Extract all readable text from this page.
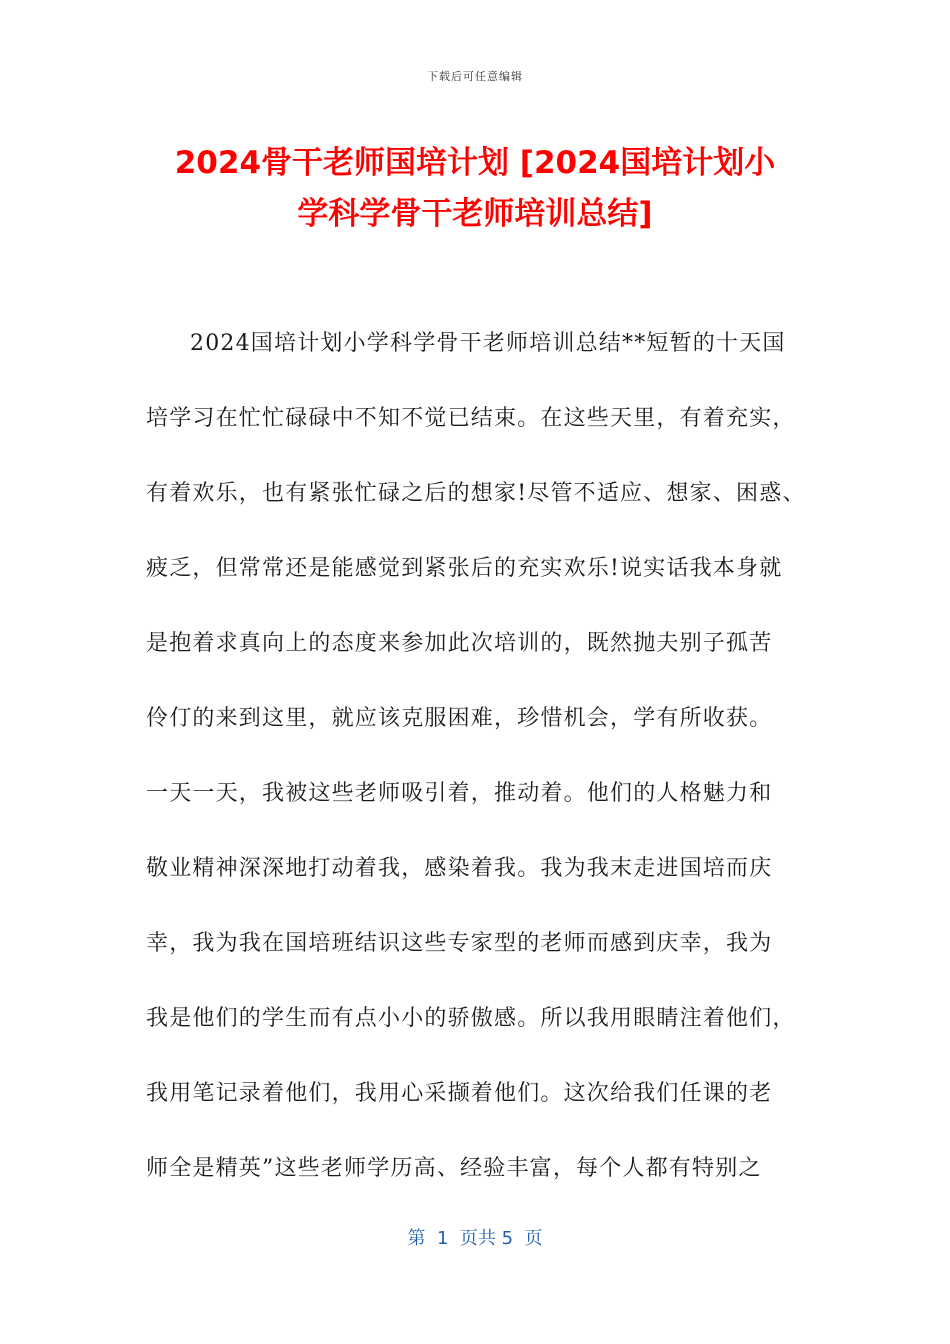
下载后可任意编辑
2024骨干老师国培计划 [2024国培计划小
学科学骨干老师培训总结]
2024国培计划小学科学骨干老师培训总结**短暂的十天国
培学习在忙忙碌碌中不知不觉已结束。在这些天里，有着充实，
有着欢乐，也有紧张忙碌之后的想家!尽管不适应、想家、困惑、
疲乏，但常常还是能感觉到紧张后的充实欢乐!说实话我本身就
是抱着求真向上的态度来参加此次培训的，既然抛夫别子孤苦
伶仃的来到这里，就应该克服困难，珍惜机会，学有所收获。
一天一天，我被这些老师吸引着，推动着。他们的人格魅力和
敬业精神深深地打动着我，感染着我。我为我末走进国培而庆
幸，我为我在国培班结识这些专家型的老师而感到庆幸，我为
我是他们的学生而有点小小的骄傲感。所以我用眼睛注着他们，
我用笔记录着他们，我用心采撷着他们。这次给我们任课的老
师全是精英”这些老师学历高、经验丰富，每个人都有特别之
第  1  页共 5  页
